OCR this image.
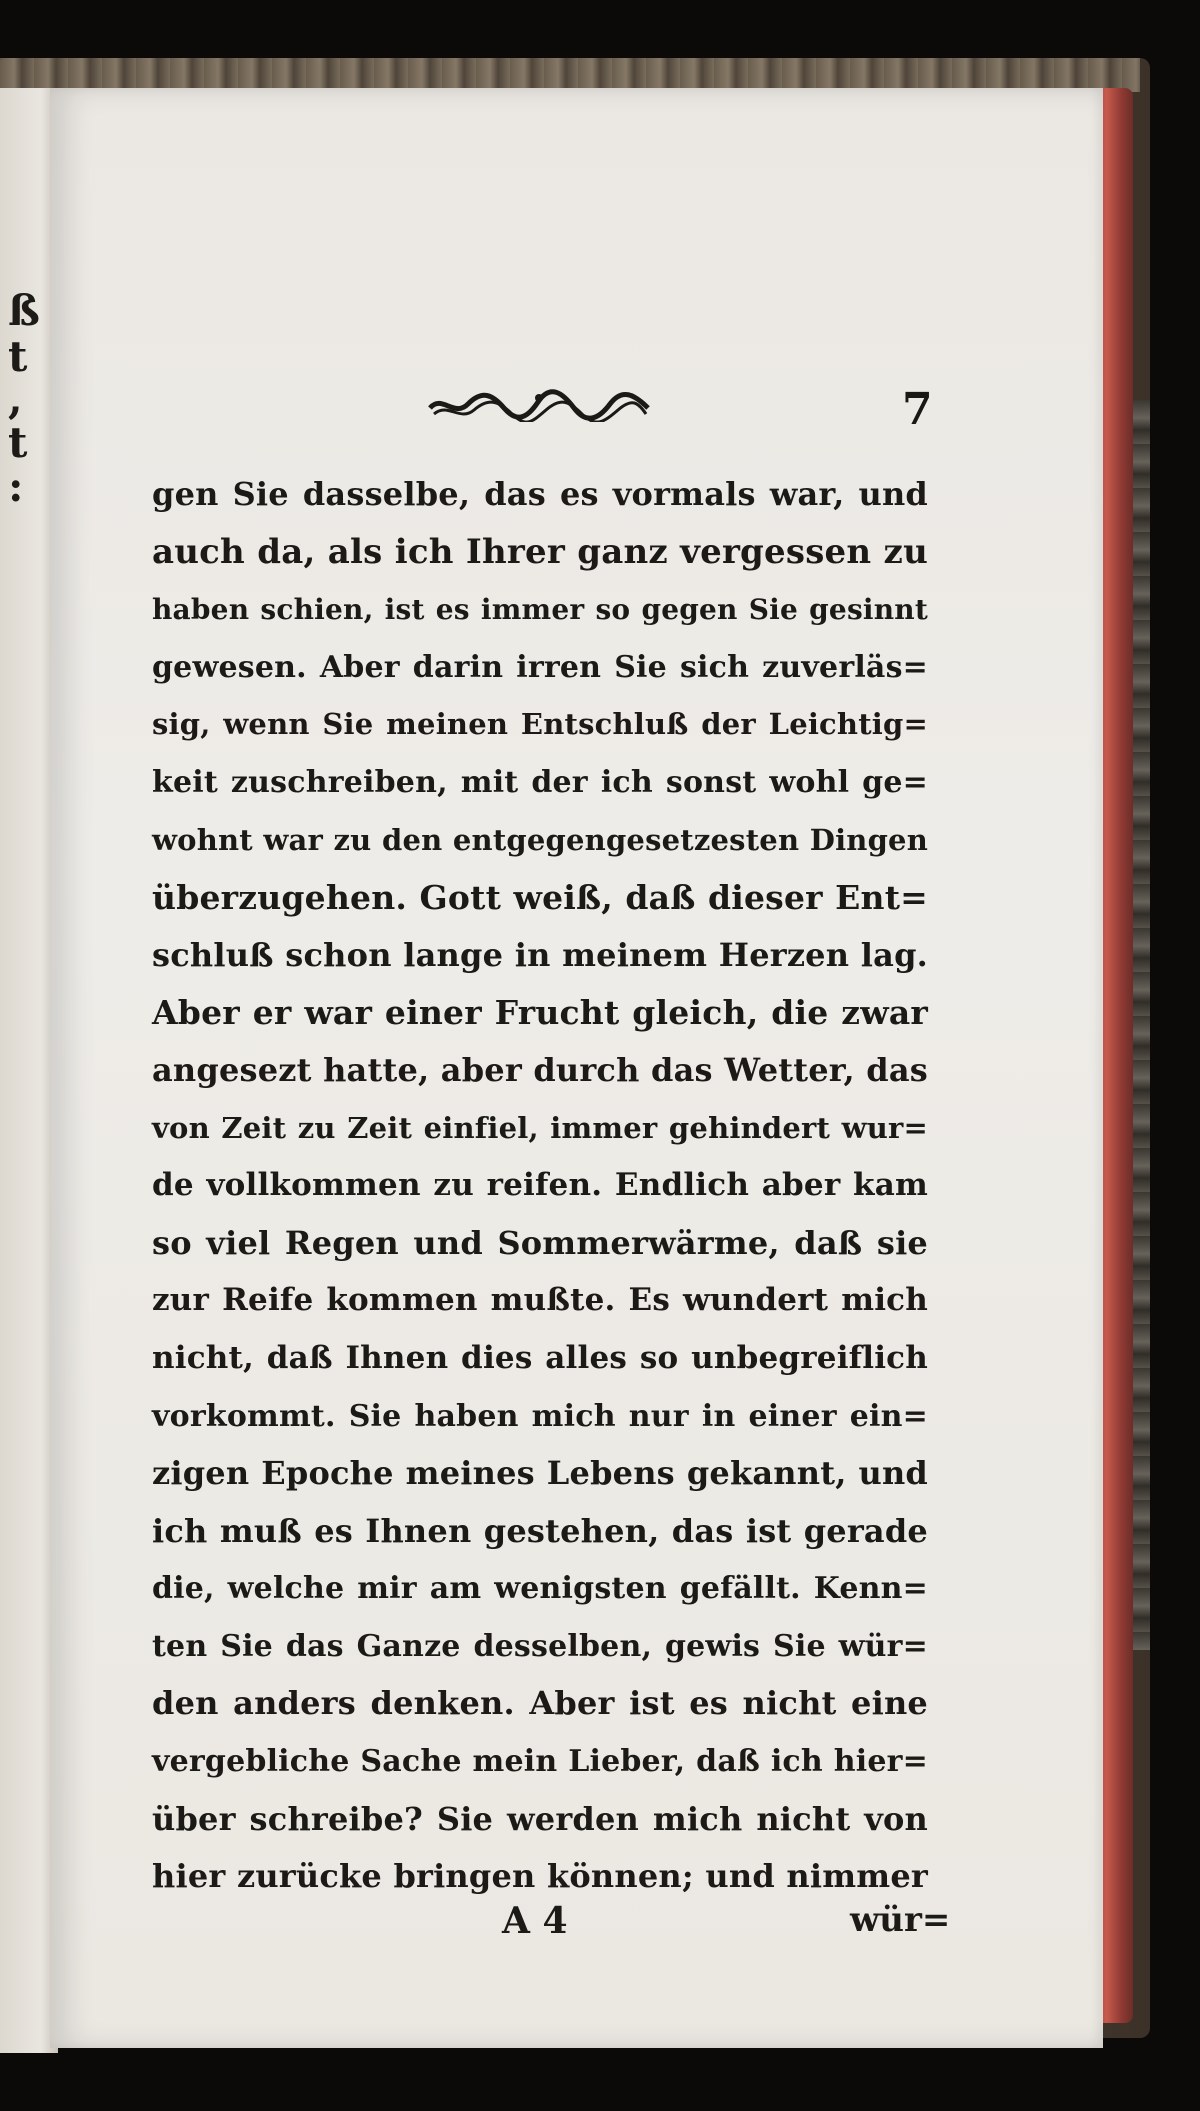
ß
t
,
t
:
7
gen Sie dasselbe, das es vormals war, und
auch da, als ich Ihrer ganz vergessen zu
haben schien, ist es immer so gegen Sie gesinnt
gewesen. Aber darin irren Sie sich zuverläs=
sig, wenn Sie meinen Entschluß der Leichtig=
keit zuschreiben, mit der ich sonst wohl ge=
wohnt war zu den entgegengesetzesten Dingen
überzugehen. Gott weiß, daß dieser Ent=
schluß schon lange in meinem Herzen lag.
Aber er war einer Frucht gleich, die zwar
angesezt hatte, aber durch das Wetter, das
von Zeit zu Zeit einfiel, immer gehindert wur=
de vollkommen zu reifen. Endlich aber kam
so viel Regen und Sommerwärme, daß sie
zur Reife kommen mußte. Es wundert mich
nicht, daß Ihnen dies alles so unbegreiflich
vorkommt. Sie haben mich nur in einer ein=
zigen Epoche meines Lebens gekannt, und
ich muß es Ihnen gestehen, das ist gerade
die, welche mir am wenigsten gefällt. Kenn=
ten Sie das Ganze desselben, gewis Sie wür=
den anders denken. Aber ist es nicht eine
vergebliche Sache mein Lieber, daß ich hier=
über schreibe? Sie werden mich nicht von
hier zurücke bringen können; und nimmer
A 4	wür=
